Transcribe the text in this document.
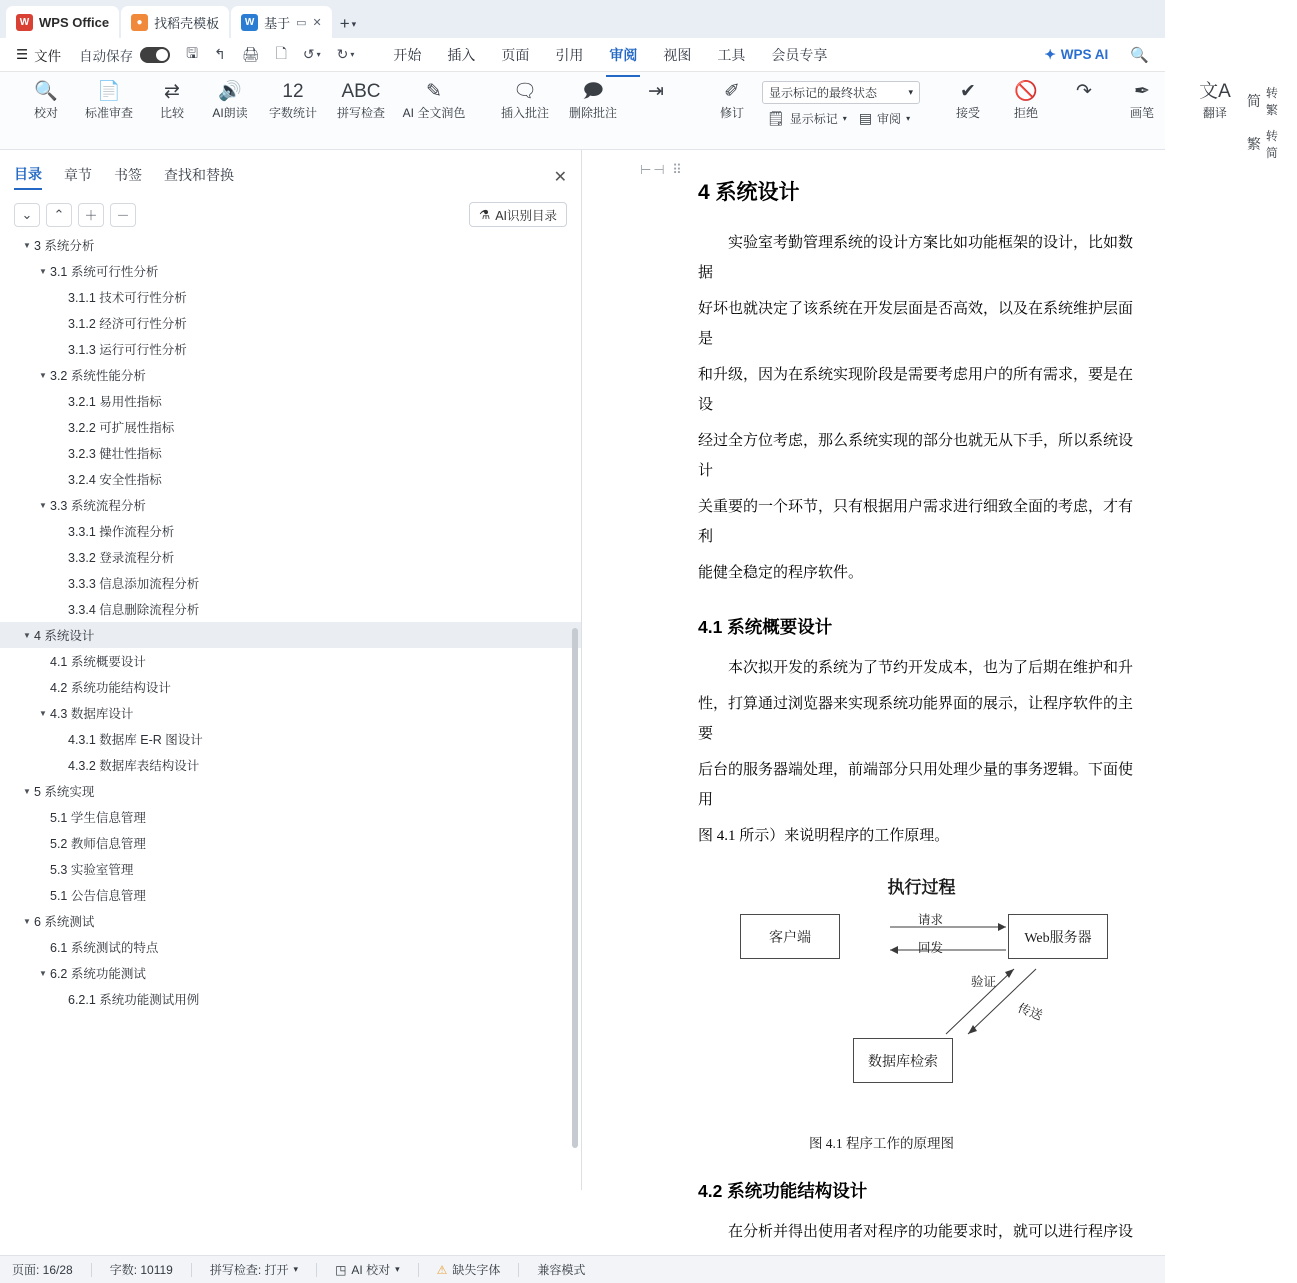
W WPS Office	● 找稻壳模板	W 基于 ▭ ✕ + ▾
☰ 文件 自动保存	🖫	↰	🖨	🗋	↺ ▾	↻ ▾	开始 插入 页面 引用 审阅 视图 工具 会员专享	✦ WPS AI 🔍
🔍
校对
📄
标准审查
⇄
比较
🔊
AI朗读
12
字数统计
ABC
拼写检查
✎
AI 全文润色
🗨
插入批注
🗩
删除批注
⇥	✐
修订
显示标记的最终状态	▾
🗒 显示标记 ▾ ▤ 审阅 ▾
✔
接受
🚫
拒绝
↷ ✒
画笔
文A
翻译
简 转繁
繁 转简
目录 章节 书签 查找和替换	✕
⌄	⌃	＋	－	⚗ AI识别目录
▼ 3 系统分析
▼ 3.1 系统可行性分析
3.1.1 技术可行性分析
3.1.2 经济可行性分析
3.1.3 运行可行性分析
▼ 3.2 系统性能分析
3.2.1 易用性指标
3.2.2 可扩展性指标
3.2.3 健壮性指标
3.2.4 安全性指标
▼ 3.3 系统流程分析
3.3.1 操作流程分析
3.3.2 登录流程分析
3.3.3 信息添加流程分析
3.3.4 信息删除流程分析
▼ 4 系统设计
4.1 系统概要设计
4.2 系统功能结构设计
▼ 4.3 数据库设计
4.3.1 数据库 E-R 图设计
4.3.2 数据库表结构设计
▼ 5 系统实现
5.1 学生信息管理
5.2 教师信息管理
5.3 实验室管理
5.1 公告信息管理
▼ 6 系统测试
6.1 系统测试的特点
▼ 6.2 系统功能测试
6.2.1 系统功能测试用例
⊢⊣ ⠿
4 系统设计

实验室考勤管理系统的设计方案比如功能框架的设计，比如数据

好坏也就决定了该系统在开发层面是否高效，以及在系统维护层面是

和升级，因为在系统实现阶段是需要考虑用户的所有需求，要是在设

经过全方位考虑，那么系统实现的部分也就无从下手，所以系统设计

关重要的一个环节，只有根据用户需求进行细致全面的考虑，才有利

能健全稳定的程序软件。

4.1 系统概要设计

本次拟开发的系统为了节约开发成本，也为了后期在维护和升

性，打算通过浏览器来实现系统功能界面的展示，让程序软件的主要

后台的服务器端处理，前端部分只用处理少量的事务逻辑。下面使用

图 4.1 所示）来说明程序的工作原理。

执行过程
客户端	Web服务器
数据库检索
请求
回发
验证
传送
图 4.1 程序工作的原理图
4.2 系统功能结构设计

在分析并得出使用者对程序的功能要求时，就可以进行程序设

页面: 16/28	字数: 10119	拼写检查: 打开 ▾	◳ AI 校对 ▾	⚠ 缺失字体	兼容模式
